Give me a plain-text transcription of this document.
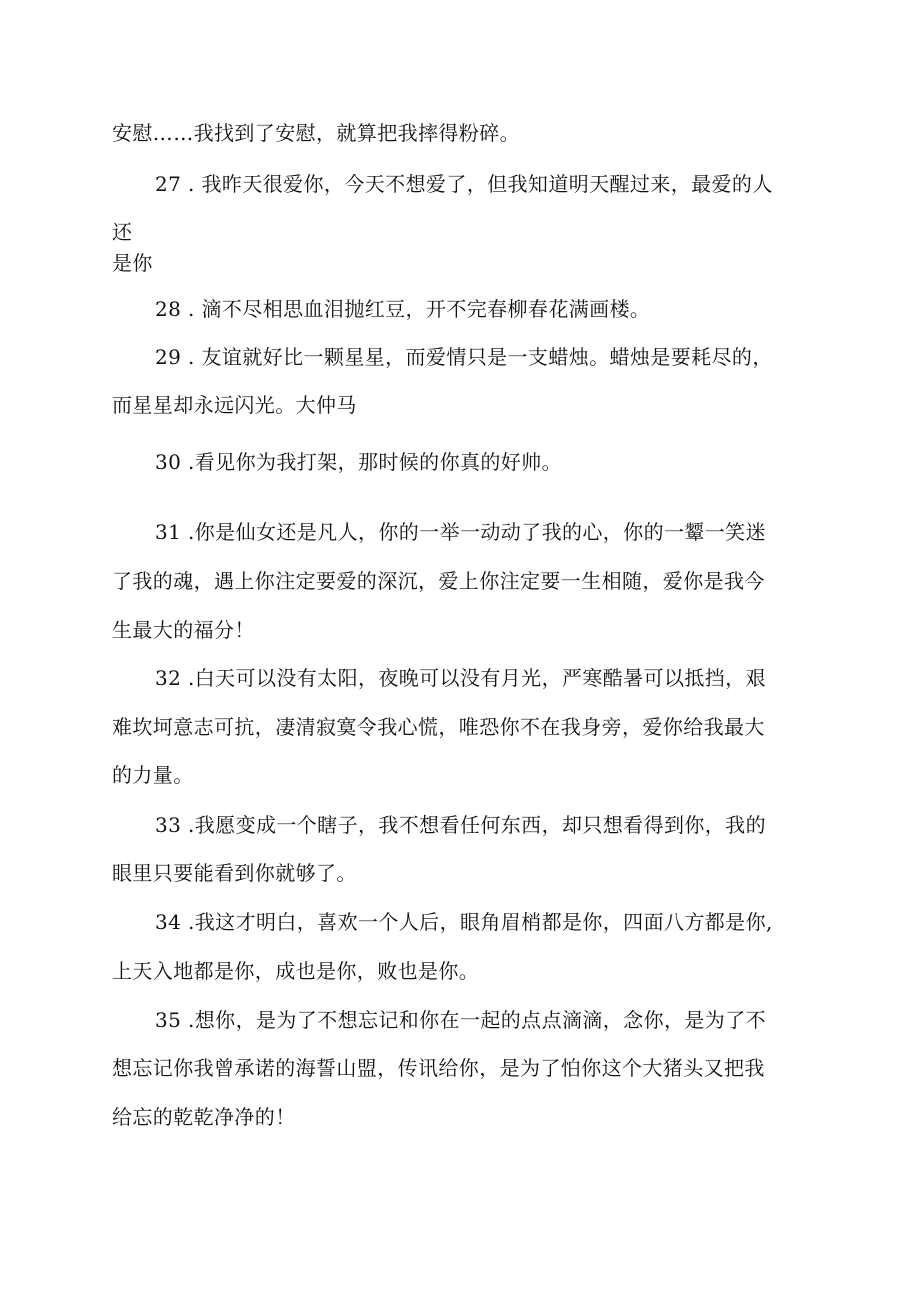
安慰……我找到了安慰，就算把我摔得粉碎。
27 . 我昨天很爱你，今天不想爱了，但我知道明天醒过来，最爱的人
还
是你
28 . 滴不尽相思血泪抛红豆，开不完春柳春花满画楼。
29 . 友谊就好比一颗星星，而爱情只是一支蜡烛。蜡烛是要耗尽的，
而星星却永远闪光。大仲马
30 .看见你为我打架，那时候的你真的好帅。
31 .你是仙女还是凡人，你的一举一动动了我的心，你的一颦一笑迷
了我的魂，遇上你注定要爱的深沉，爱上你注定要一生相随，爱你是我今
生最大的福分！
32 .白天可以没有太阳，夜晚可以没有月光，严寒酷暑可以抵挡，艰
难坎坷意志可抗，凄清寂寞令我心慌，唯恐你不在我身旁，爱你给我最大
的力量。
33 .我愿变成一个瞎子，我不想看任何东西，却只想看得到你，我的
眼里只要能看到你就够了。
34 .我这才明白，喜欢一个人后，眼角眉梢都是你，四面八方都是你,
上天入地都是你，成也是你，败也是你。
35 .想你，是为了不想忘记和你在一起的点点滴滴，念你，是为了不
想忘记你我曾承诺的海誓山盟，传讯给你，是为了怕你这个大猪头又把我
给忘的乾乾净净的！
